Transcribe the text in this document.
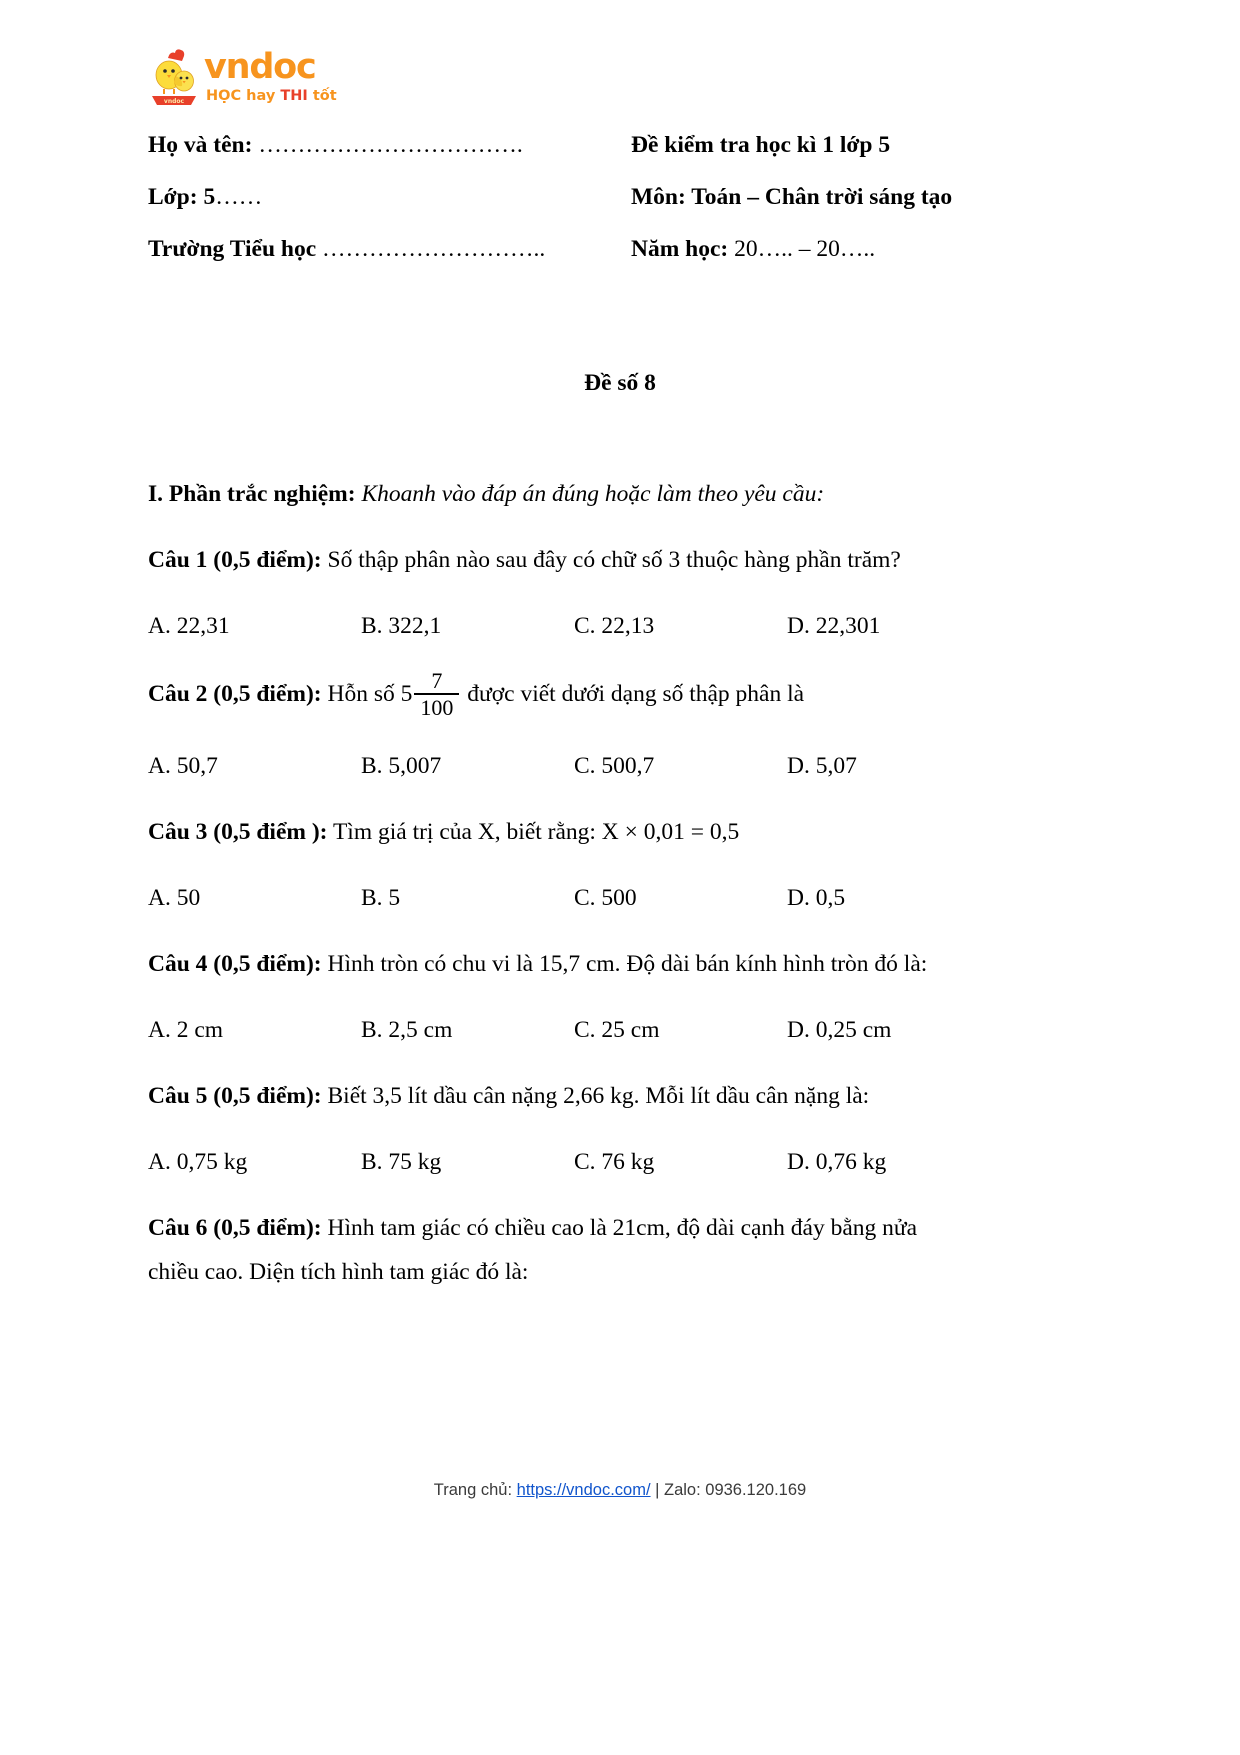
vndoc
vndoc
HỌC hay THI tốt
Họ và tên: …………………………….	Đề kiểm tra học kì 1 lớp 5
Lớp: 5……	Môn: Toán – Chân trời sáng tạo
Trường Tiểu học ………………………..	Năm học: 20….. – 20…..
Đề số 8

I. Phần trắc nghiệm: Khoanh vào đáp án đúng hoặc làm theo yêu cầu:

Câu 1 (0,5 điểm): Số thập phân nào sau đây có chữ số 3 thuộc hàng phần trăm?

A. 22,31	B. 322,1	C. 22,13	D. 22,301

Câu 2 (0,5 điểm): Hỗn số $5 \frac{7}{100}$ được viết dưới dạng số thập phân là

A. 50,7	B. 5,007	C. 500,7	D. 5,07

Câu 3 (0,5 điểm ): Tìm giá trị của X, biết rằng: X × 0,01 = 0,5

A. 50	B. 5	C. 500	D. 0,5

Câu 4 (0,5 điểm): Hình tròn có chu vi là 15,7 cm. Độ dài bán kính hình tròn đó là:

A. 2 cm	B. 2,5 cm	C. 25 cm	D. 0,25 cm

Câu 5 (0,5 điểm): Biết 3,5 lít dầu cân nặng 2,66 kg. Mỗi lít dầu cân nặng là:

A. 0,75 kg	B. 75 kg	C. 76 kg	D. 0,76 kg

Câu 6 (0,5 điểm): Hình tam giác có chiều cao là 21cm, độ dài cạnh đáy bằng nửa chiều cao. Diện tích hình tam giác đó là:

Trang chủ: https://vndoc.com/ | Zalo: 0936.120.169
